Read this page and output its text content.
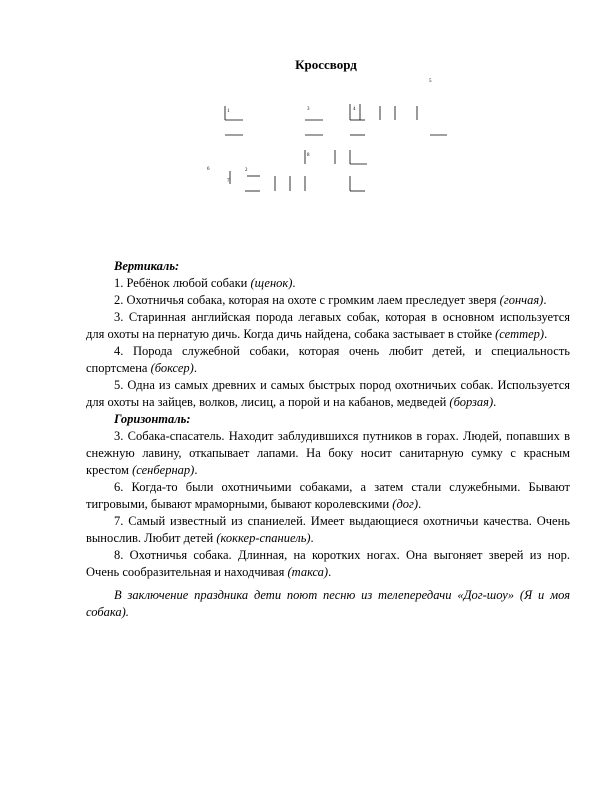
Кроссворд
1
2
3	4
5
6
7
8

Вертикаль:

1. Ребёнок любой собаки (щенок).

2. Охотничья собака, которая на охоте с громким лаем преследует зверя (гончая).

3. Старинная английская порода легавых собак, которая в основном используется для охоты на пернатую дичь. Когда дичь найдена, собака застывает в стойке (сеттер).

4. Порода служебной собаки, которая очень любит детей, и специальность спортсмена (боксер).

5. Одна из самых древних и самых быстрых пород охотничьих собак. Используется для охоты на зайцев, волков, лисиц, а порой и на кабанов, медведей (борзая).

Горизонталь:

3. Собака-спасатель. Находит заблудившихся путников в горах. Людей, попавших в снежную лавину, откапывает лапами. На боку носит санитарную сумку с красным крестом (сенбернар).

6. Когда-то были охотничьими собаками, а затем стали служебными. Бывают тигровыми, бывают мраморными, бывают королевскими (дог).

7. Самый известный из спаниелей. Имеет выдающиеся охотничьи качества. Очень вынослив. Любит детей (коккер-спаниель).

8. Охотничья собака. Длинная, на коротких ногах. Она выгоняет зверей из нор. Очень сообразительная и находчивая (такса).

В заключение праздника дети поют песню из телепередачи «Дог-шоу» (Я и моя собака).
